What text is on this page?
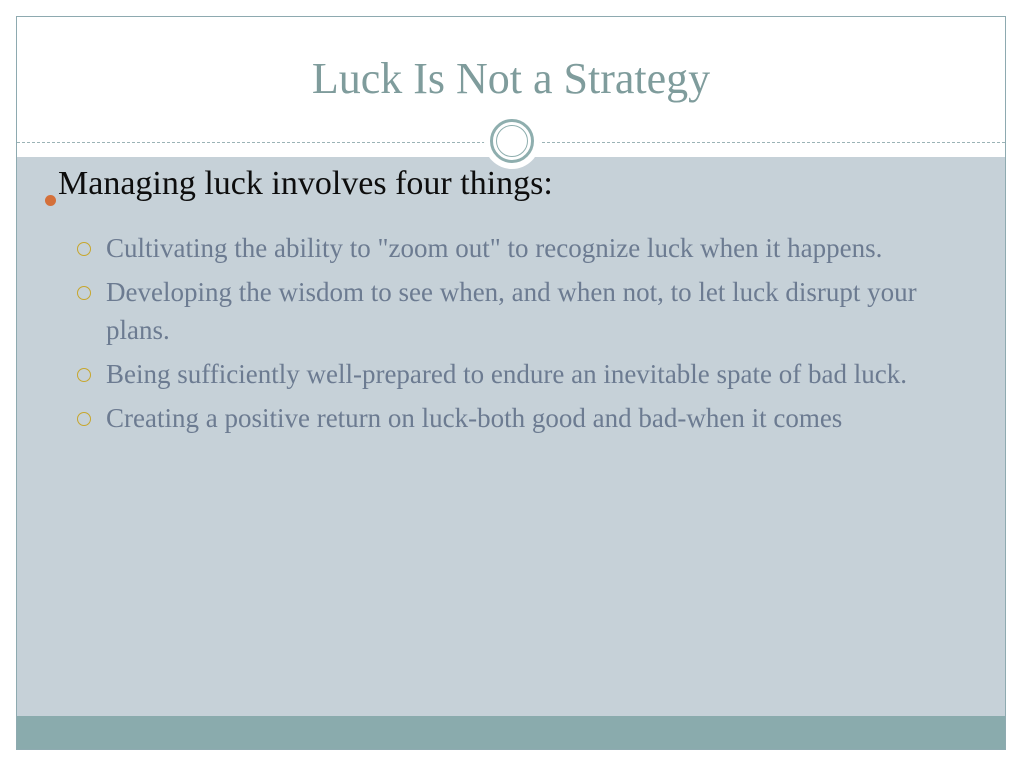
Luck Is Not a Strategy
Managing luck involves four things:
Cultivating the ability to "zoom out" to recognize luck when it happens.
Developing the wisdom to see when, and when not, to let luck disrupt your plans.
Being sufficiently well-prepared to endure an inevitable spate of bad luck.
Creating a positive return on luck-both good and bad-when it comes
